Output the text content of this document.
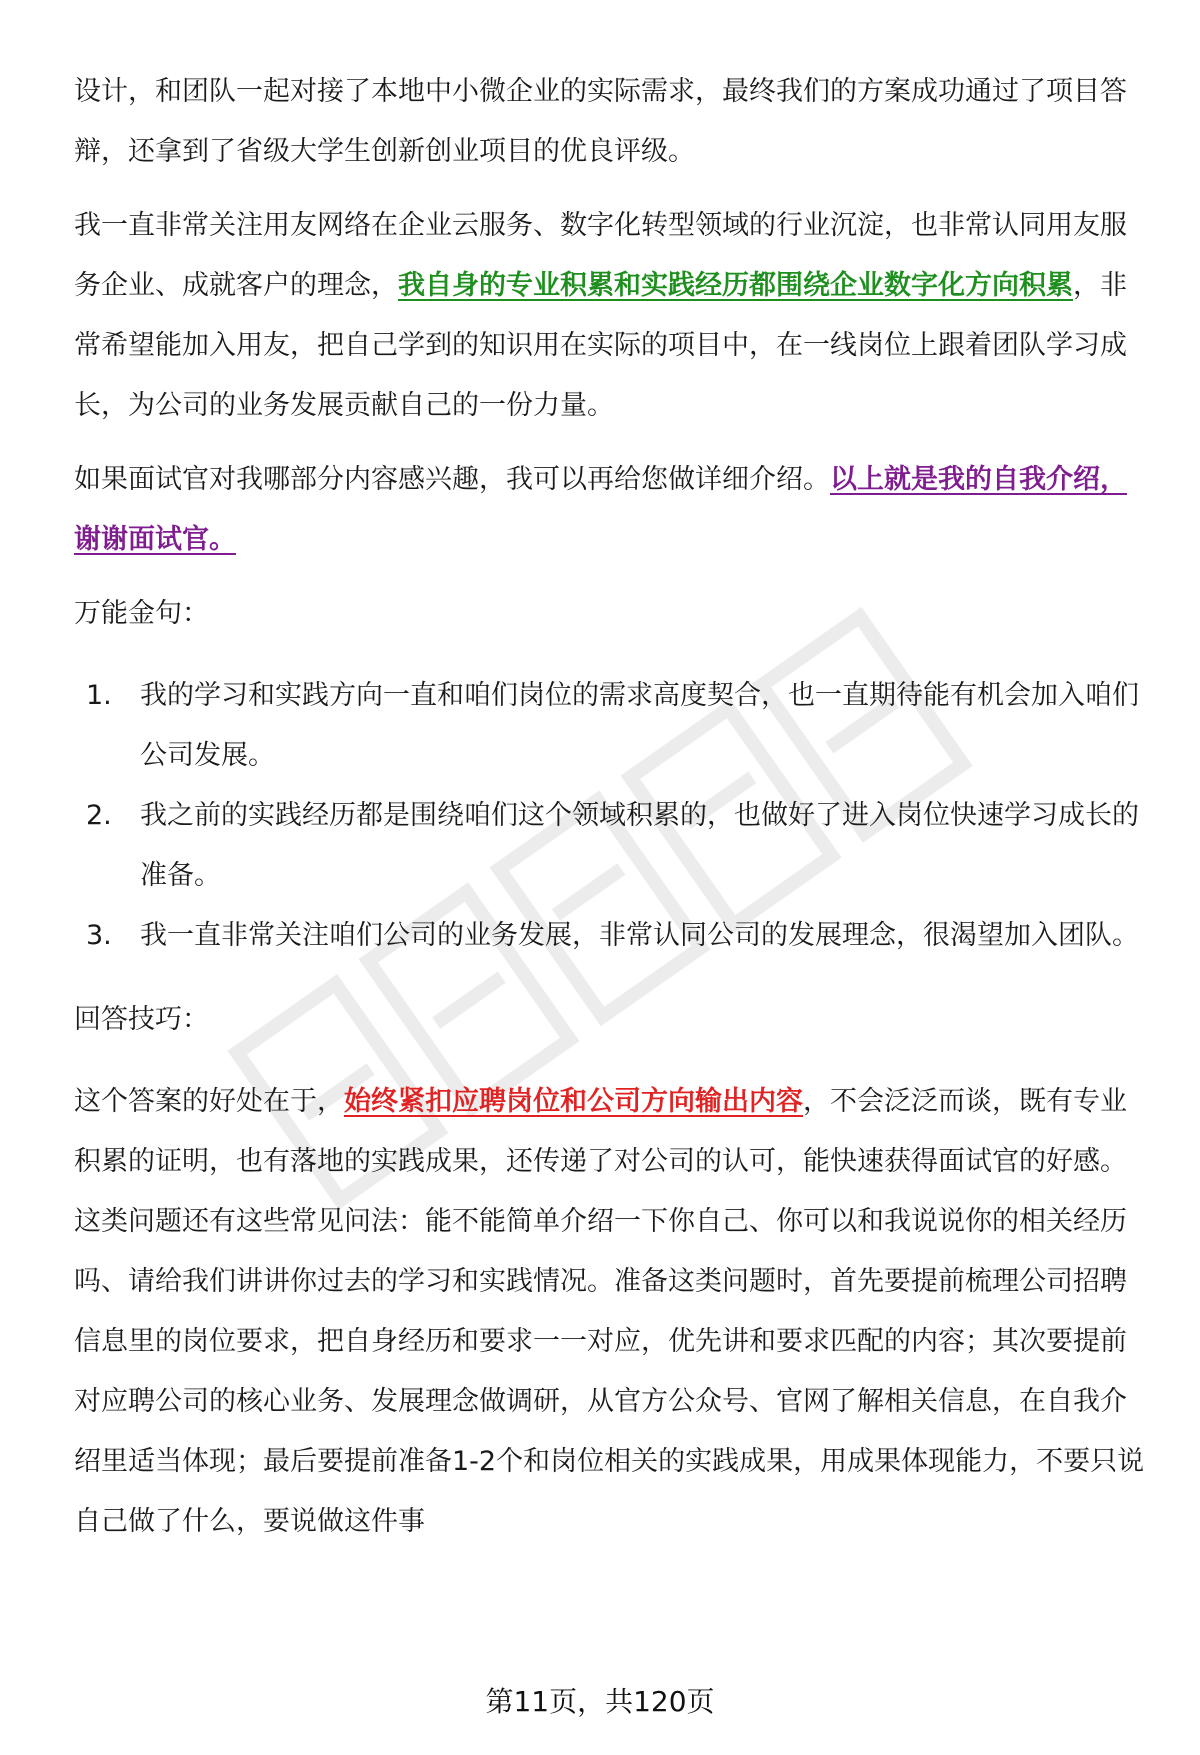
设计，和团队一起对接了本地中小微企业的实际需求，最终我们的方案成功通过了项目答辩，还拿到了省级大学生创新创业项目的优良评级。

我一直非常关注用友网络在企业云服务、数字化转型领域的行业沉淀，也非常认同用友服务企业、成就客户的理念，我自身的专业积累和实践经历都围绕企业数字化方向积累，非常希望能加入用友，把自己学到的知识用在实际的项目中，在一线岗位上跟着团队学习成长，为公司的业务发展贡献自己的一份力量。

如果面试官对我哪部分内容感兴趣，我可以再给您做详细介绍。以上就是我的自我介绍，谢谢面试官。

万能金句：

1.	我的学习和实践方向一直和咱们岗位的需求高度契合，也一直期待能有机会加入咱们公司发展。
2.	我之前的实践经历都是围绕咱们这个领域积累的，也做好了进入岗位快速学习成长的准备。
3.	我一直非常关注咱们公司的业务发展，非常认同公司的发展理念，很渴望加入团队。

回答技巧：

这个答案的好处在于，始终紧扣应聘岗位和公司方向输出内容，不会泛泛而谈，既有专业积累的证明，也有落地的实践成果，还传递了对公司的认可，能快速获得面试官的好感。这类问题还有这些常见问法：能不能简单介绍一下你自己、你可以和我说说你的相关经历吗、请给我们讲讲你过去的学习和实践情况。准备这类问题时，首先要提前梳理公司招聘信息里的岗位要求，把自身经历和要求一一对应，优先讲和要求匹配的内容；其次要提前对应聘公司的核心业务、发展理念做调研，从官方公众号、官网了解相关信息，在自我介绍里适当体现；最后要提前准备1-2个和岗位相关的实践成果，用成果体现能力，不要只说自己做了什么，要说做这件事

第11页，共120页
